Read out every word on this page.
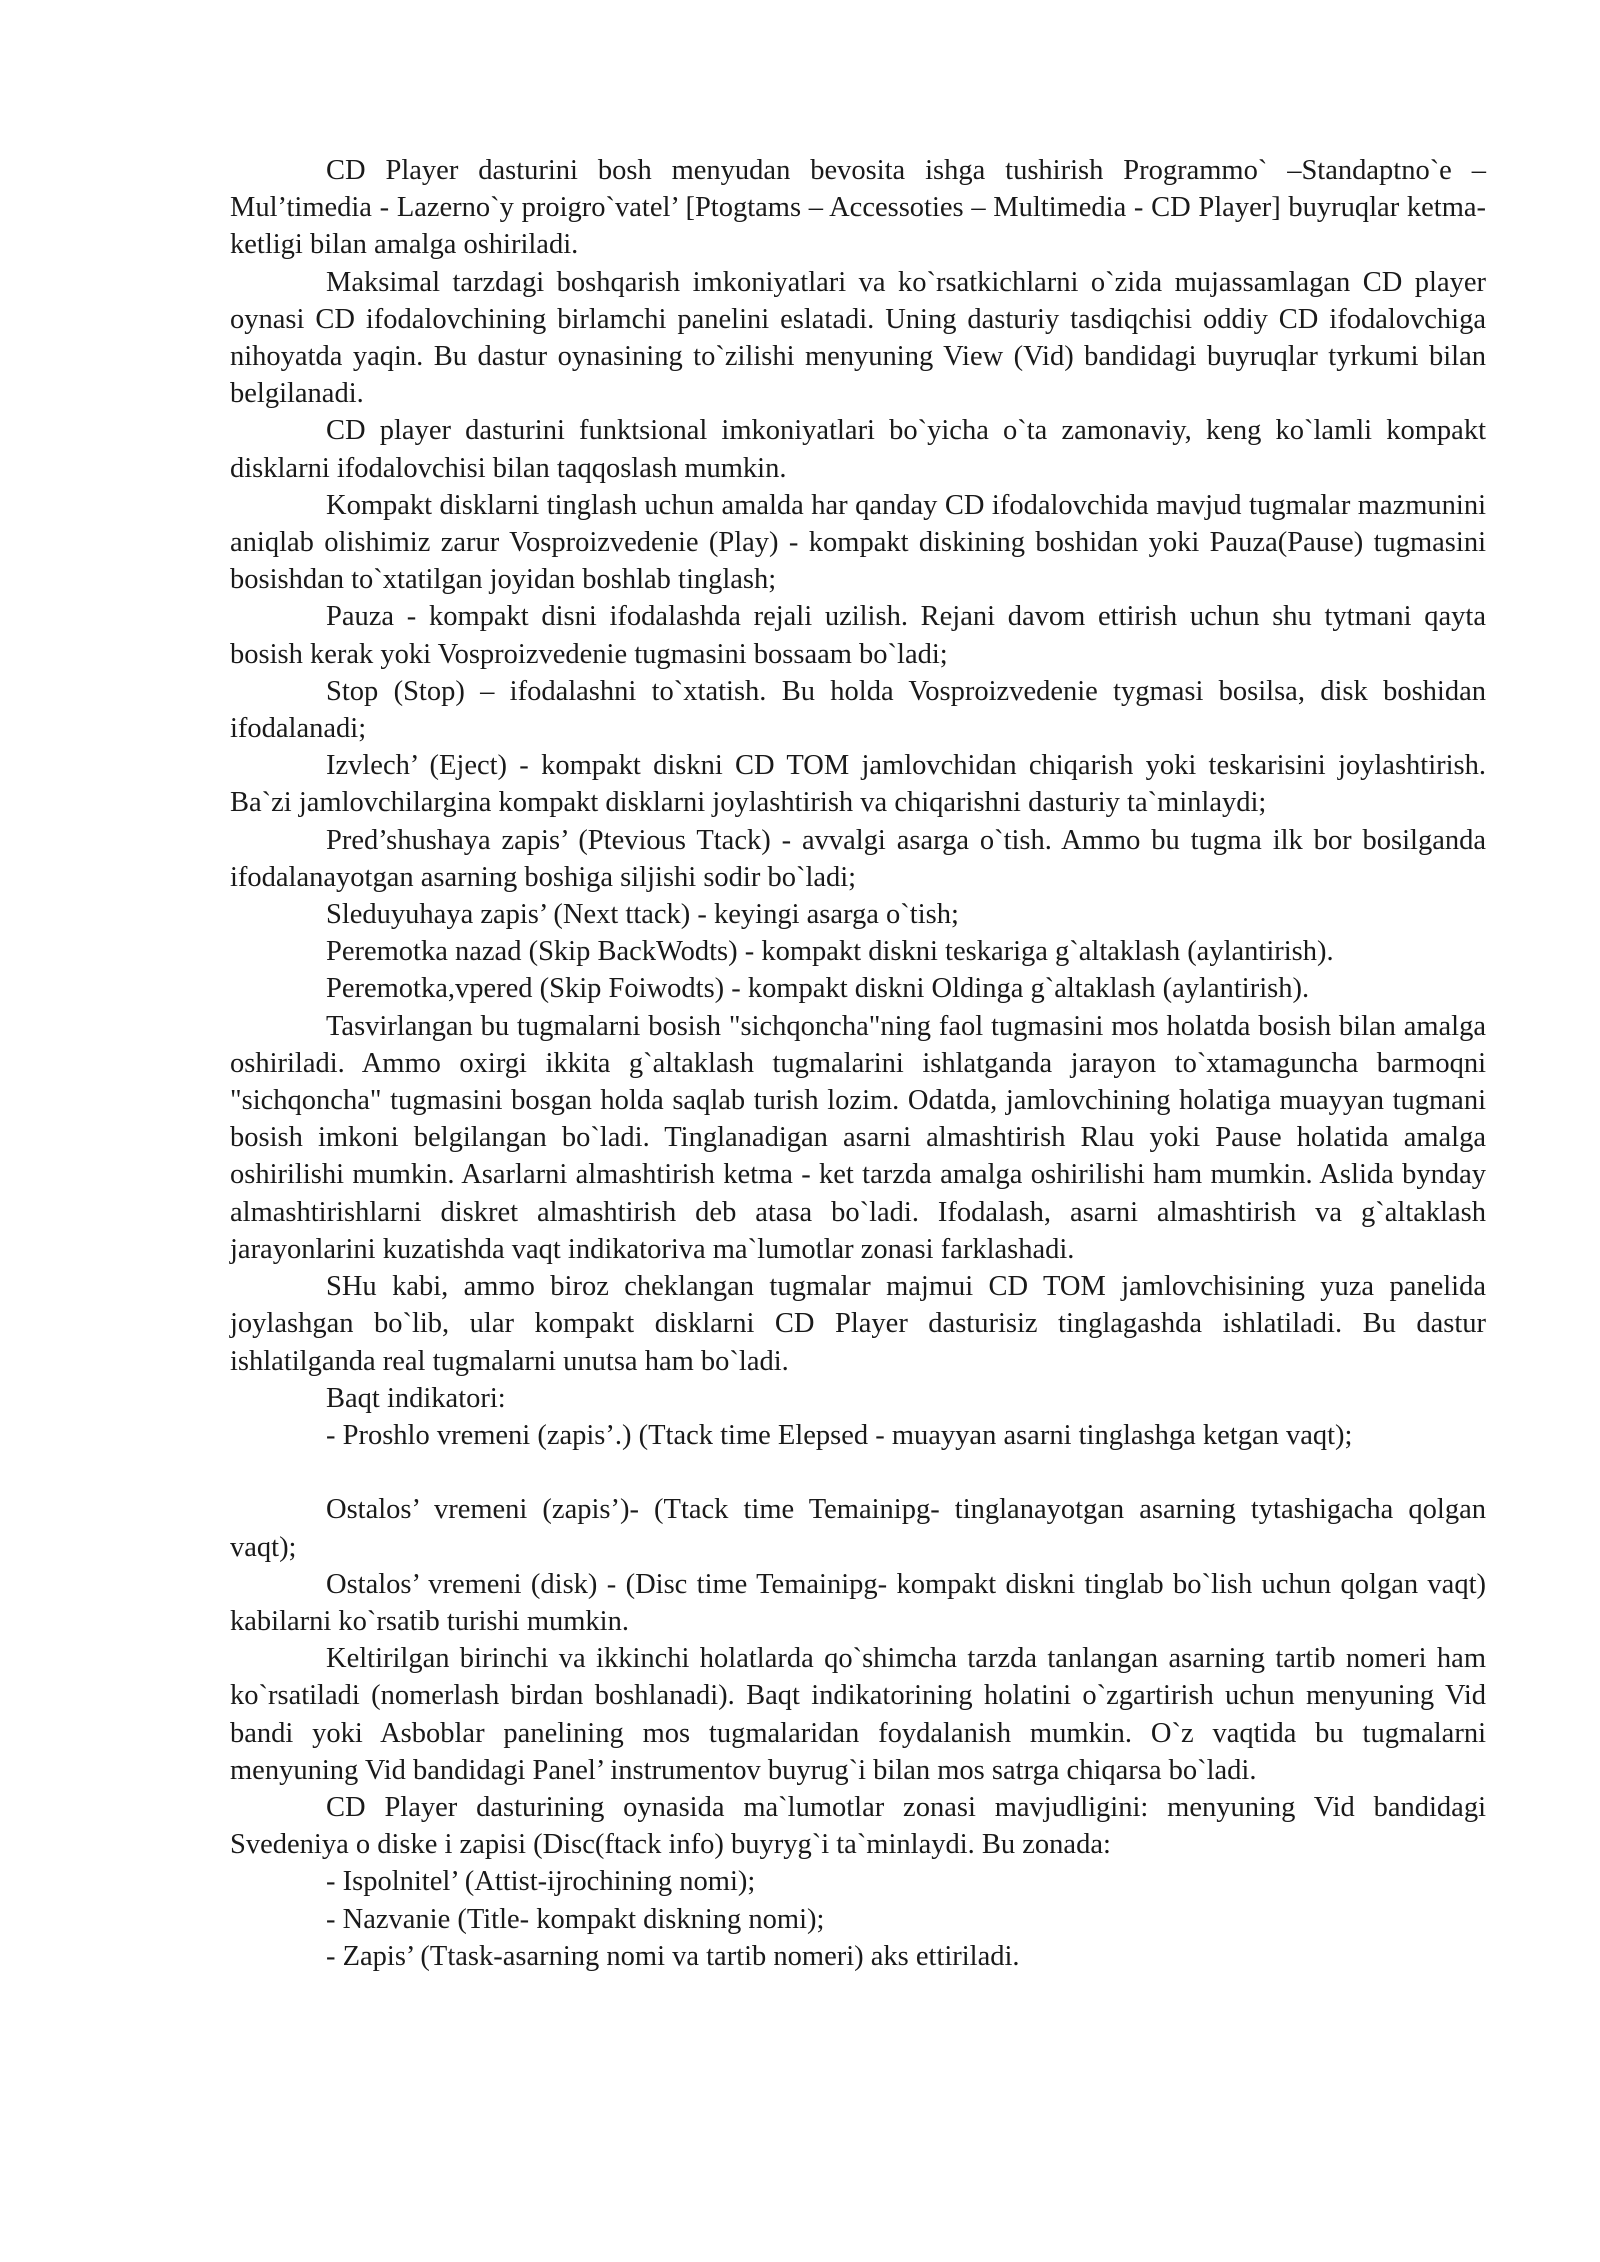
CD Player dasturini bosh menyudan bevosita ishga tushirish Programmo` –Standaptno`e – Mul’timedia - Lazerno`y proigro`vatel’ [Ptogtams – Accessoties – Multimedia - CD Player] buyruqlar ketma-ketligi bilan amalga oshiriladi.

Maksimal tarzdagi boshqarish imkoniyatlari va ko`rsatkichlarni o`zida mujassamlagan CD player oynasi CD ifodalovchining birlamchi panelini eslatadi. Uning dasturiy tasdiqchisi oddiy CD ifodalovchiga nihoyatda yaqin. Bu dastur oynasining to`zilishi menyuning View (Vid) bandidagi buyruqlar tyrkumi bilan belgilanadi.

CD player dasturini funktsional imkoniyatlari bo`yicha o`ta zamonaviy, keng ko`lamli kompakt disklarni ifodalovchisi bilan taqqoslash mumkin.

Kompakt disklarni tinglash uchun amalda har qanday CD ifodalovchida mavjud tugmalar mazmunini aniqlab olishimiz zarur Vosproizvedenie (Play) - kompakt diskining boshidan yoki Pauza(Pause) tugmasini bosishdan to`xtatilgan joyidan boshlab tinglash;

Pauza - kompakt disni ifodalashda rejali uzilish. Rejani davom ettirish uchun shu tytmani qayta bosish kerak yoki Vosproizvedenie tugmasini bossaam bo`ladi;

Stop (Stop) – ifodalashni to`xtatish. Bu holda Vosproizvedenie tygmasi bosilsa, disk boshidan ifodalanadi;

Izvlech’ (Eject) - kompakt diskni CD TOM jamlovchidan chiqarish yoki teskarisini joylashtirish. Ba`zi jamlovchilargina kompakt disklarni joylashtirish va chiqarishni dasturiy ta`minlaydi;

Pred’shushaya zapis’ (Ptevious Ttack) - avvalgi asarga o`tish. Ammo bu tugma ilk bor bosilganda ifodalanayotgan asarning boshiga siljishi sodir bo`ladi;

Sleduyuhaya zapis’ (Next ttack) - keyingi asarga o`tish;

Peremotka nazad (Skip BackWodts) - kompakt diskni teskariga g`altaklash (aylantirish).

Peremotka,vpered (Skip Foiwodts) - kompakt diskni Oldinga g`altaklash (aylantirish).

Tasvirlangan bu tugmalarni bosish "sichqoncha"ning faol tugmasini mos holatda bosish bilan amalga oshiriladi. Ammo oxirgi ikkita g`altaklash tugmalarini ishlatganda jarayon to`xtamaguncha barmoqni "sichqoncha" tugmasini bosgan holda saqlab turish lozim. Odatda, jamlovchining holatiga muayyan tugmani bosish imkoni belgilangan bo`ladi. Tinglanadigan asarni almashtirish Rlau yoki Pause holatida amalga oshirilishi mumkin. Asarlarni almashtirish ketma - ket tarzda amalga oshirilishi ham mumkin. Aslida bynday almashtirishlarni diskret almashtirish deb atasa bo`ladi. Ifodalash, asarni almashtirish va g`altaklash jarayonlarini kuzatishda vaqt indikatoriva ma`lumotlar zonasi farklashadi.

SHu kabi, ammo biroz cheklangan tugmalar majmui CD TOM jamlovchisining yuza panelida joylashgan bo`lib, ular kompakt disklarni CD Player dasturisiz tinglagashda ishlatiladi. Bu dastur ishlatilganda real tugmalarni unutsa ham bo`ladi.

Baqt indikatori:

- Proshlo vremeni (zapis’.) (Ttack time Elepsed - muayyan asarni tinglashga ketgan vaqt);

Ostalos’ vremeni (zapis’)- (Ttack time Temainipg- tinglanayotgan asarning tytashigacha qolgan vaqt);

Ostalos’ vremeni (disk) - (Disc time Temainipg- kompakt diskni tinglab bo`lish uchun qolgan vaqt) kabilarni ko`rsatib turishi mumkin.

Keltirilgan birinchi va ikkinchi holatlarda qo`shimcha tarzda tanlangan asarning tartib nomeri ham ko`rsatiladi (nomerlash birdan boshlanadi). Baqt indikatorining holatini o`zgartirish uchun menyuning Vid bandi yoki Asboblar panelining mos tugmalaridan foydalanish mumkin. O`z vaqtida bu tugmalarni menyuning Vid bandidagi Panel’ instrumentov buyrug`i bilan mos satrga chiqarsa bo`ladi.

CD Player dasturining oynasida ma`lumotlar zonasi mavjudligini: menyuning Vid bandidagi Svedeniya o diske i zapisi (Disc(ftack info) buyryg`i ta`minlaydi. Bu zonada:

- Ispolnitel’ (Attist-ijrochining nomi);

- Nazvanie (Title- kompakt diskning nomi);

- Zapis’ (Ttask-asarning nomi va tartib nomeri) aks ettiriladi.
